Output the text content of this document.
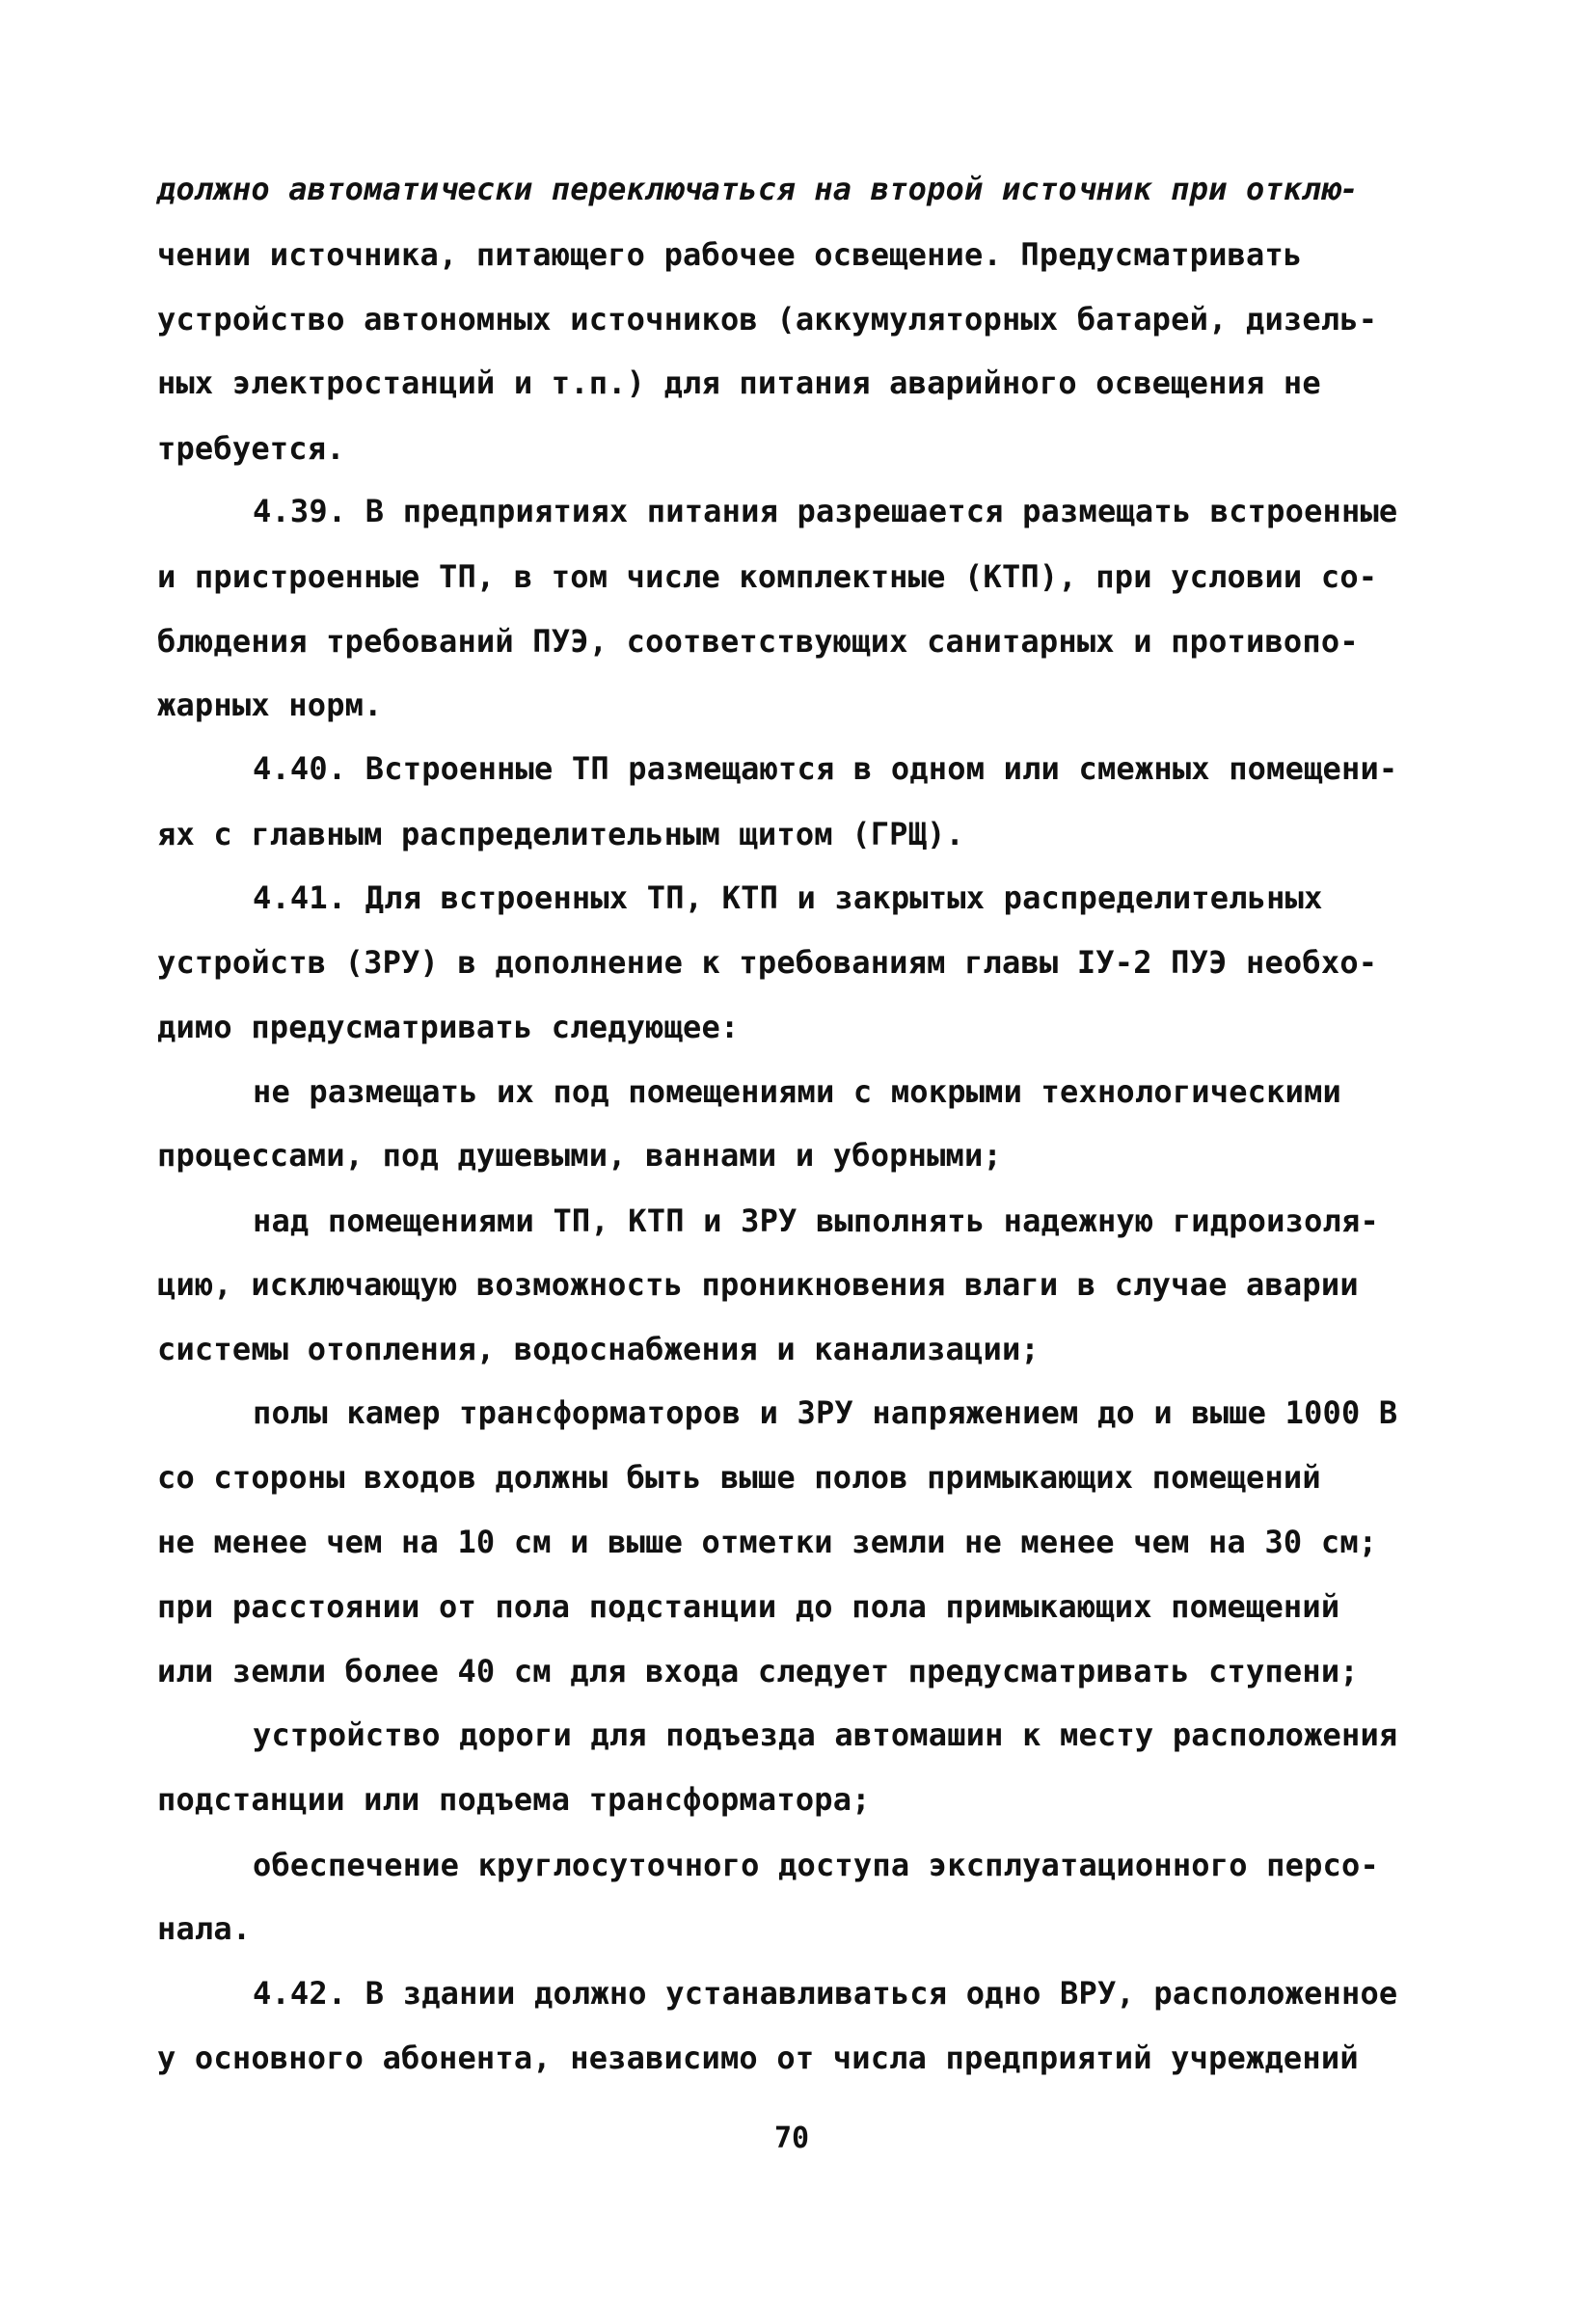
должно автоматически переключаться на второй источник при отклю-
чении источника, питающего рабочее освещение. Предусматривать
устройство автономных источников (аккумуляторных батарей, дизель-
ных электростанций и т.п.) для питания аварийного освещения не
требуется.
4.39. В предприятиях питания разрешается размещать встроенные
и пристроенные ТП, в том числе комплектные (КТП), при условии со-
блюдения требований ПУЭ, соответствующих санитарных и противопо-
жарных норм.
4.40. Встроенные ТП размещаются в одном или смежных помещени-
ях с главным распределительным щитом (ГРЩ).
4.41. Для встроенных ТП, КТП и закрытых распределительных
устройств (ЗРУ) в дополнение к требованиям главы IУ-2 ПУЭ необхо-
димо предусматривать следующее:
не размещать их под помещениями с мокрыми технологическими
процессами, под душевыми, ваннами и уборными;
над помещениями ТП, КТП и ЗРУ выполнять надежную гидроизоля-
цию, исключающую возможность проникновения влаги в случае аварии
системы отопления, водоснабжения и канализации;
полы камер трансформаторов и ЗРУ напряжением до и выше 1000 В
со стороны входов должны быть выше полов примыкающих помещений
не менее чем на 10 см и выше отметки земли не менее чем на 30 см;
при расстоянии от пола подстанции до пола примыкающих помещений
или земли более 40 см для входа следует предусматривать ступени;
устройство дороги для подъезда автомашин к месту расположения
подстанции или подъема трансформатора;
обеспечение круглосуточного доступа эксплуатационного персо-
нала.
4.42. В здании должно устанавливаться одно ВРУ, расположенное
у основного абонента, независимо от числа предприятий учреждений
70
